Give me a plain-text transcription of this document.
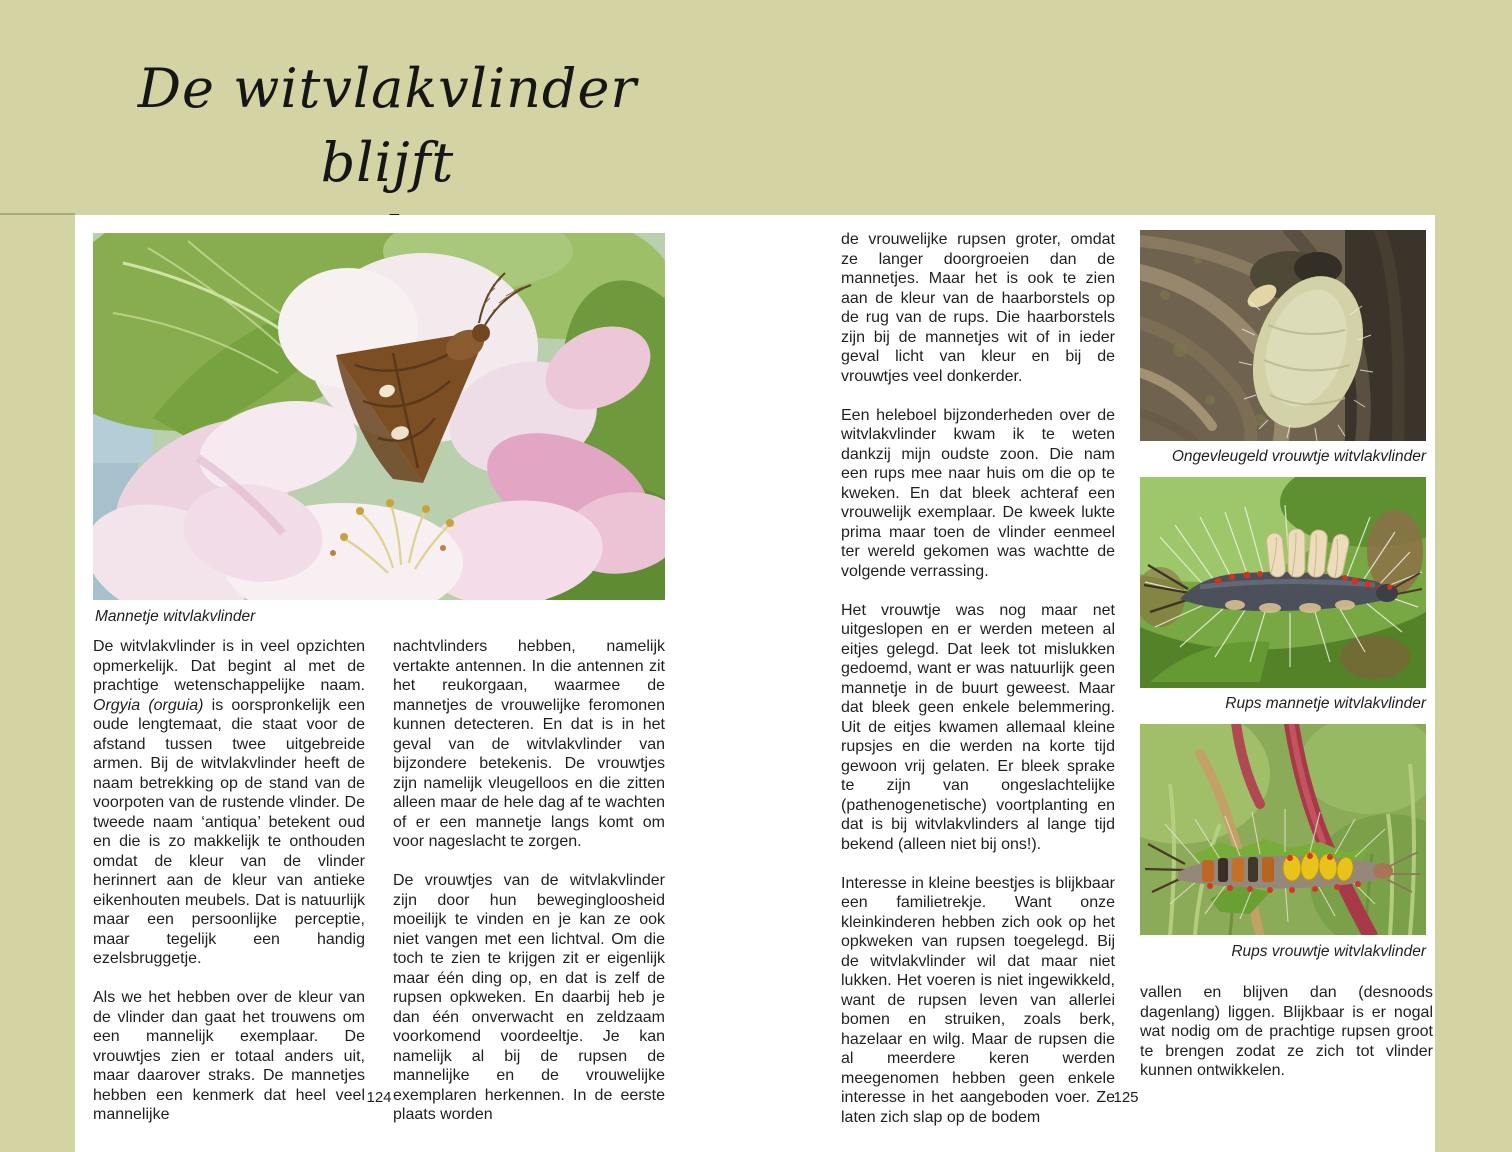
De witvlakvlinder blijft
Mannetje witvlakvlinder

De witvlakvlinder is in veel opzichten opmerkelijk. Dat begint al met de prachtige wetenschappelijke naam. Orgyia (orguia) is oorspronkelijk een oude lengtemaat, die staat voor de afstand tussen twee uitgebreide armen. Bij de witvlakvlinder heeft de naam betrekking op de stand van de voorpoten van de rustende vlinder. De tweede naam ‘antiqua’ betekent oud en die is zo makkelijk te onthouden omdat de kleur van de vlinder herinnert aan de kleur van antieke eikenhouten meubels. Dat is natuurlijk maar een persoonlijke perceptie, maar tegelijk een handig ezelsbruggetje.

Als we het hebben over de kleur van de vlinder dan gaat het trouwens om een mannelijk exemplaar. De vrouwtjes zien er totaal anders uit, maar daarover straks. De mannetjes hebben een kenmerk dat heel veel mannelijke

nachtvlinders hebben, namelijk vertakte antennen. In die antennen zit het reukorgaan, waarmee de mannetjes de vrouwelijke feromonen kunnen detecteren. En dat is in het geval van de witvlakvlinder van bijzondere betekenis. De vrouwtjes zijn namelijk vleugelloos en die zitten alleen maar de hele dag af te wachten of er een mannetje langs komt om voor nageslacht te zorgen.

De vrouwtjes van de witvlakvlinder zijn door hun bewegingloosheid moeilijk te vinden en je kan ze ook niet vangen met een lichtval. Om die toch te zien te krijgen zit er eigenlijk maar één ding op, en dat is zelf de rupsen opkweken. En daarbij heb je dan één onverwacht en zeldzaam voorkomend voordeeltje. Je kan namelijk al bij de rupsen de mannelijke en de vrouwelijke exemplaren herkennen. In de eerste plaats worden

124

de vrouwelijke rupsen groter, omdat ze langer doorgroeien dan de mannetjes. Maar het is ook te zien aan de kleur van de haarborstels op de rug van de rups. Die haarborstels zijn bij de mannetjes wit of in ieder geval licht van kleur en bij de vrouwtjes veel donkerder.

Een heleboel bijzonderheden over de witvlakvlinder kwam ik te weten dankzij mijn oudste zoon. Die nam een rups mee naar huis om die op te kweken. En dat bleek achteraf een vrouwelijk exemplaar. De kweek lukte prima maar toen de vlinder eenmeel ter wereld gekomen was wachtte de volgende verrassing.

Het vrouwtje was nog maar net uitgeslopen en er werden meteen al eitjes gelegd. Dat leek tot mislukken gedoemd, want er was natuurlijk geen mannetje in de buurt geweest. Maar dat bleek geen enkele belemmering. Uit de eitjes kwamen allemaal kleine rupsjes en die werden na korte tijd gewoon vrij gelaten. Er bleek sprake te zijn van ongeslachtelijke (pathenogenetische) voortplanting en dat is bij witvlakvlinders al lange tijd bekend (alleen niet bij ons!).

Interesse in kleine beestjes is blijkbaar een familietrekje. Want onze kleinkinderen hebben zich ook op het opkweken van rupsen toegelegd. Bij de witvlakvlinder wil dat maar niet lukken. Het voeren is niet ingewikkeld, want de rupsen leven van allerlei bomen en struiken, zoals berk, hazelaar en wilg. Maar de rupsen die al meerdere keren werden meegenomen hebben geen enkele interesse in het aangeboden voer. Ze laten zich slap op de bodem

Ongevleugeld vrouwtje witvlakvlinder
Rups mannetje witvlakvlinder
Rups vrouwtje witvlakvlinder

vallen en blijven dan (desnoods dagenlang) liggen. Blijkbaar is er nogal wat nodig om de prachtige rupsen groot te brengen zodat ze zich tot vlinder kunnen ontwikkelen.

125
